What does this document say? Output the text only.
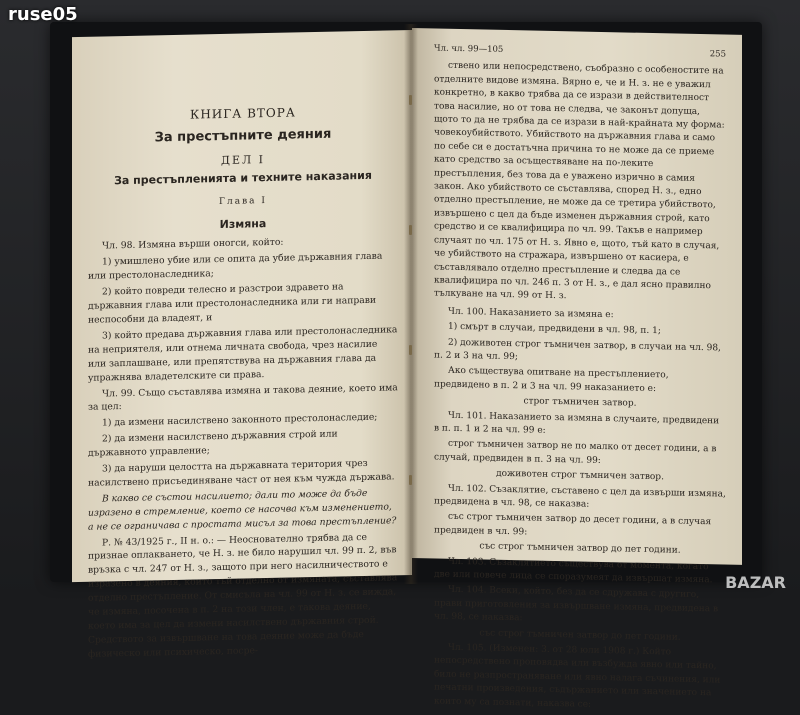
КНИГА ВТОРА
За престъпните деяния
ДЕЛ I
За престъпленията и техните наказания
Глава I
Измяна
Чл. 98. Измяна върши оногси, който:
1) умишлено убие или се опита да убие държавния глава или престолонаследника;
2) който повреди телесно и разстрои здравето на държавния глава или престолонаследника или ги направи неспособни да владеят, и
3) който предава държавния глава или престолонаследника на неприятеля, или отнема личната свобода, чрез насилие или заплашване, или препятствува на държавния глава да упражнява владетелските си права.
Чл. 99. Също съставлява измяна и такова деяние, което има за цел:
1) да измени насилствено законното престолонаследие;
2) да измени насилствено държавния строй или държавното управление;
3) да наруши целостта на държавната територия чрез насилствено присъединяване част от нея към чужда държава.
В какво се състои насилието; дали то може да бъде изразено в стремление, което се насочва към изменението, а не се ограничава с простата мисъл за това престъпление?
Р. № 43/1925 г., II н. о.: — Неоснователно трябва да се признае оплакването, че Н. з. не било нарушил чл. 99 п. 2, във връзка с чл. 247 от Н. з., защото при него насилничеството е изразено в деяния, които тъй отделно от измяната, съставлява отделно престъпление. От смисъла на чл. 99 от Н. з. се вижда, че измяна, посочена в п. 2 на този член, е такова деяние, което има за цел да измени насилствено държавния строй. Средството за извършване на това деяние може да бъде физическо или психическо, посре-
Чл. чл. 99—105	255
ствено или непосредствено, съобразно с особеностите на отделните видове измяна. Вярно е, че и Н. з. не е уважил конкретно, в какво трябва да се изрази в действителност това насилие, но от това не следва, че законът допуща, щото то да не трябва да се изрази в най-крайната му форма: човекоубийството. Убийството на държавния глава и само по себе си е достатъчна причина то не може да се приеме като средство за осъществяване на по-леките престъпления, без това да е уважено изрично в самия закон. Ако убийството се съставлява, според Н. з., едно отделно престъпление, не може да се третира убийството, извършено с цел да бъде изменен държавния строй, като средство и се квалифицира по чл. 99. Такъв е например случаят по чл. 175 от Н. з. Явно е, щото, тъй като в случая, че убийството на стражара, извършено от касиера, е съставлявало отделно престъпление и следва да се квалифицира по чл. 246 п. 3 от Н. з., е дал ясно правилно тълкуване на чл. 99 от Н. з.
Чл. 100. Наказанието за измяна е:
1) смърт в случаи, предвидени в чл. 98, п. 1;
2) доживотен строг тъмничен затвор, в случаи на чл. 98, п. 2 и 3 на чл. 99;
Ако съществува опитване на престъплението, предвидено в п. 2 и 3 на чл. 99 наказанието е:
строг тъмничен затвор.
Чл. 101. Наказанието за измяна в случаите, предвидени в п. п. 1 и 2 на чл. 99 е:
строг тъмничен затвор не по малко от десет години, а в случай, предвиден в п. 3 на чл. 99:
доживотен строг тъмничен затвор.
Чл. 102. Съзаклятие, съставено с цел да извърши измяна, предвидена в чл. 98, се наказва:
със строг тъмничен затвор до десет години, а в случая предвиден в чл. 99:
със строг тъмничен затвор до пет години.
Чл. 103. Съзаклятието съществува от момента, когато две или повече лица се споразумеят да извършат измяна.
Чл. 104. Всеки, който, без да се сдружава с другиго, прави приготовления за извършване измяна, предвидена в чл. 98, се наказва:
със строг тъмничен затвор до пет години.
Чл. 105. (Изменен: 3. от 28 юли 1908 г.) Който непосредствено проповядва или възбужда явно или тайно, било не разпространяване или явно налага съчинения, или печатни произведения, съдържанието или значението на които му са познати, наказва се:
ruse05
BAZAR
